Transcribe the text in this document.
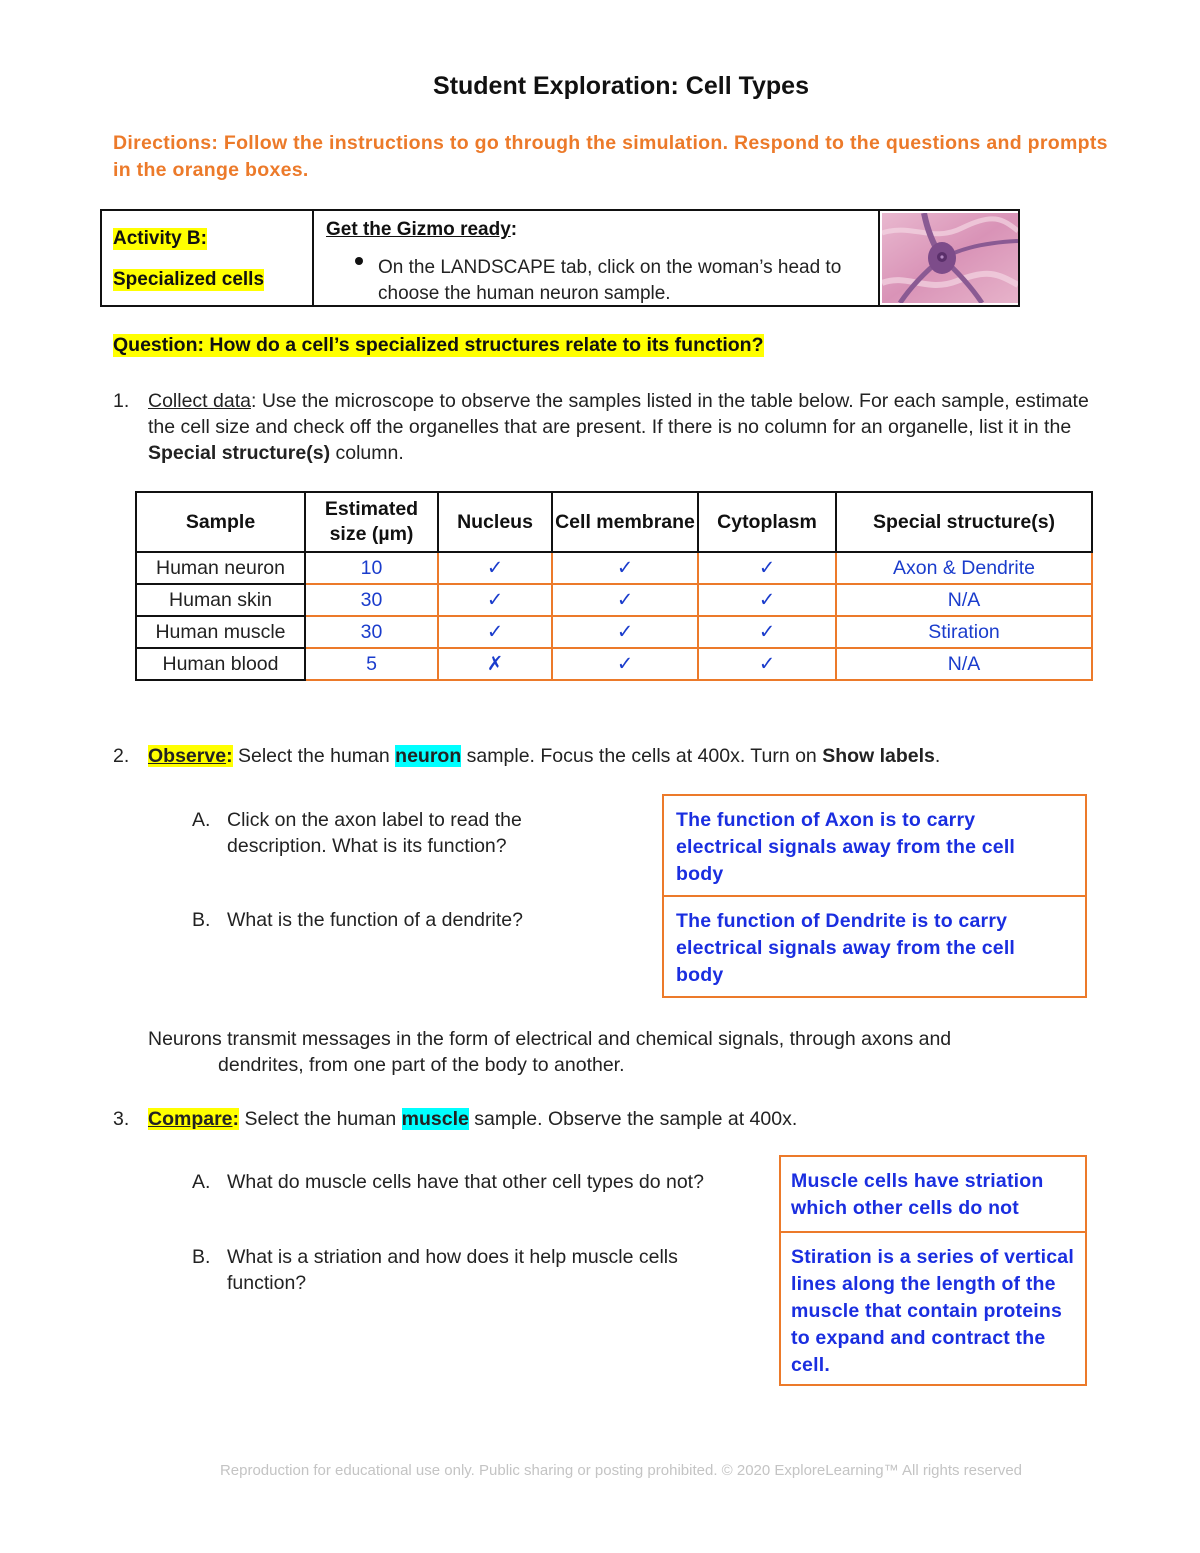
Student Exploration: Cell Types
Directions: Follow the instructions to go through the simulation. Respond to the questions and prompts in the orange boxes.
Activity B:
Specialized cells
Get the Gizmo ready:
On the LANDSCAPE tab, click on the woman’s head to choose the human neuron sample.
Question: How do a cell’s specialized structures relate to its function?
1. Collect data: Use the microscope to observe the samples listed in the table below. For each sample, estimate the cell size and check off the organelles that are present. If there is no column for an organelle, list it in the Special structure(s) column.
Sample	Estimated size (µm)	Nucleus	Cell membrane	Cytoplasm	Special structure(s)
Human neuron	10	✓	✓	✓	Axon & Dendrite
Human skin	30	✓	✓	✓	N/A
Human muscle	30	✓	✓	✓	Stiration
Human blood	5	✗	✓	✓	N/A
2. Observe: Select the human neuron sample. Focus the cells at 400x. Turn on Show labels.
A. Click on the axon label to read the description. What is its function?
B. What is the function of a dendrite?
The function of Axon is to carry electrical signals away from the cell body
The function of Dendrite is to carry electrical signals away from the cell body
Neurons transmit messages in the form of electrical and chemical signals, through axons and
dendrites, from one part of the body to another.
3. Compare: Select the human muscle sample. Observe the sample at 400x.
A. What do muscle cells have that other cell types do not?
B. What is a striation and how does it help muscle cells function?
Muscle cells have striation which other cells do not
Stiration is a series of vertical lines along the length of the muscle that contain proteins to expand and contract the cell.
Reproduction for educational use only. Public sharing or posting prohibited. © 2020 ExploreLearning™ All rights reserved
